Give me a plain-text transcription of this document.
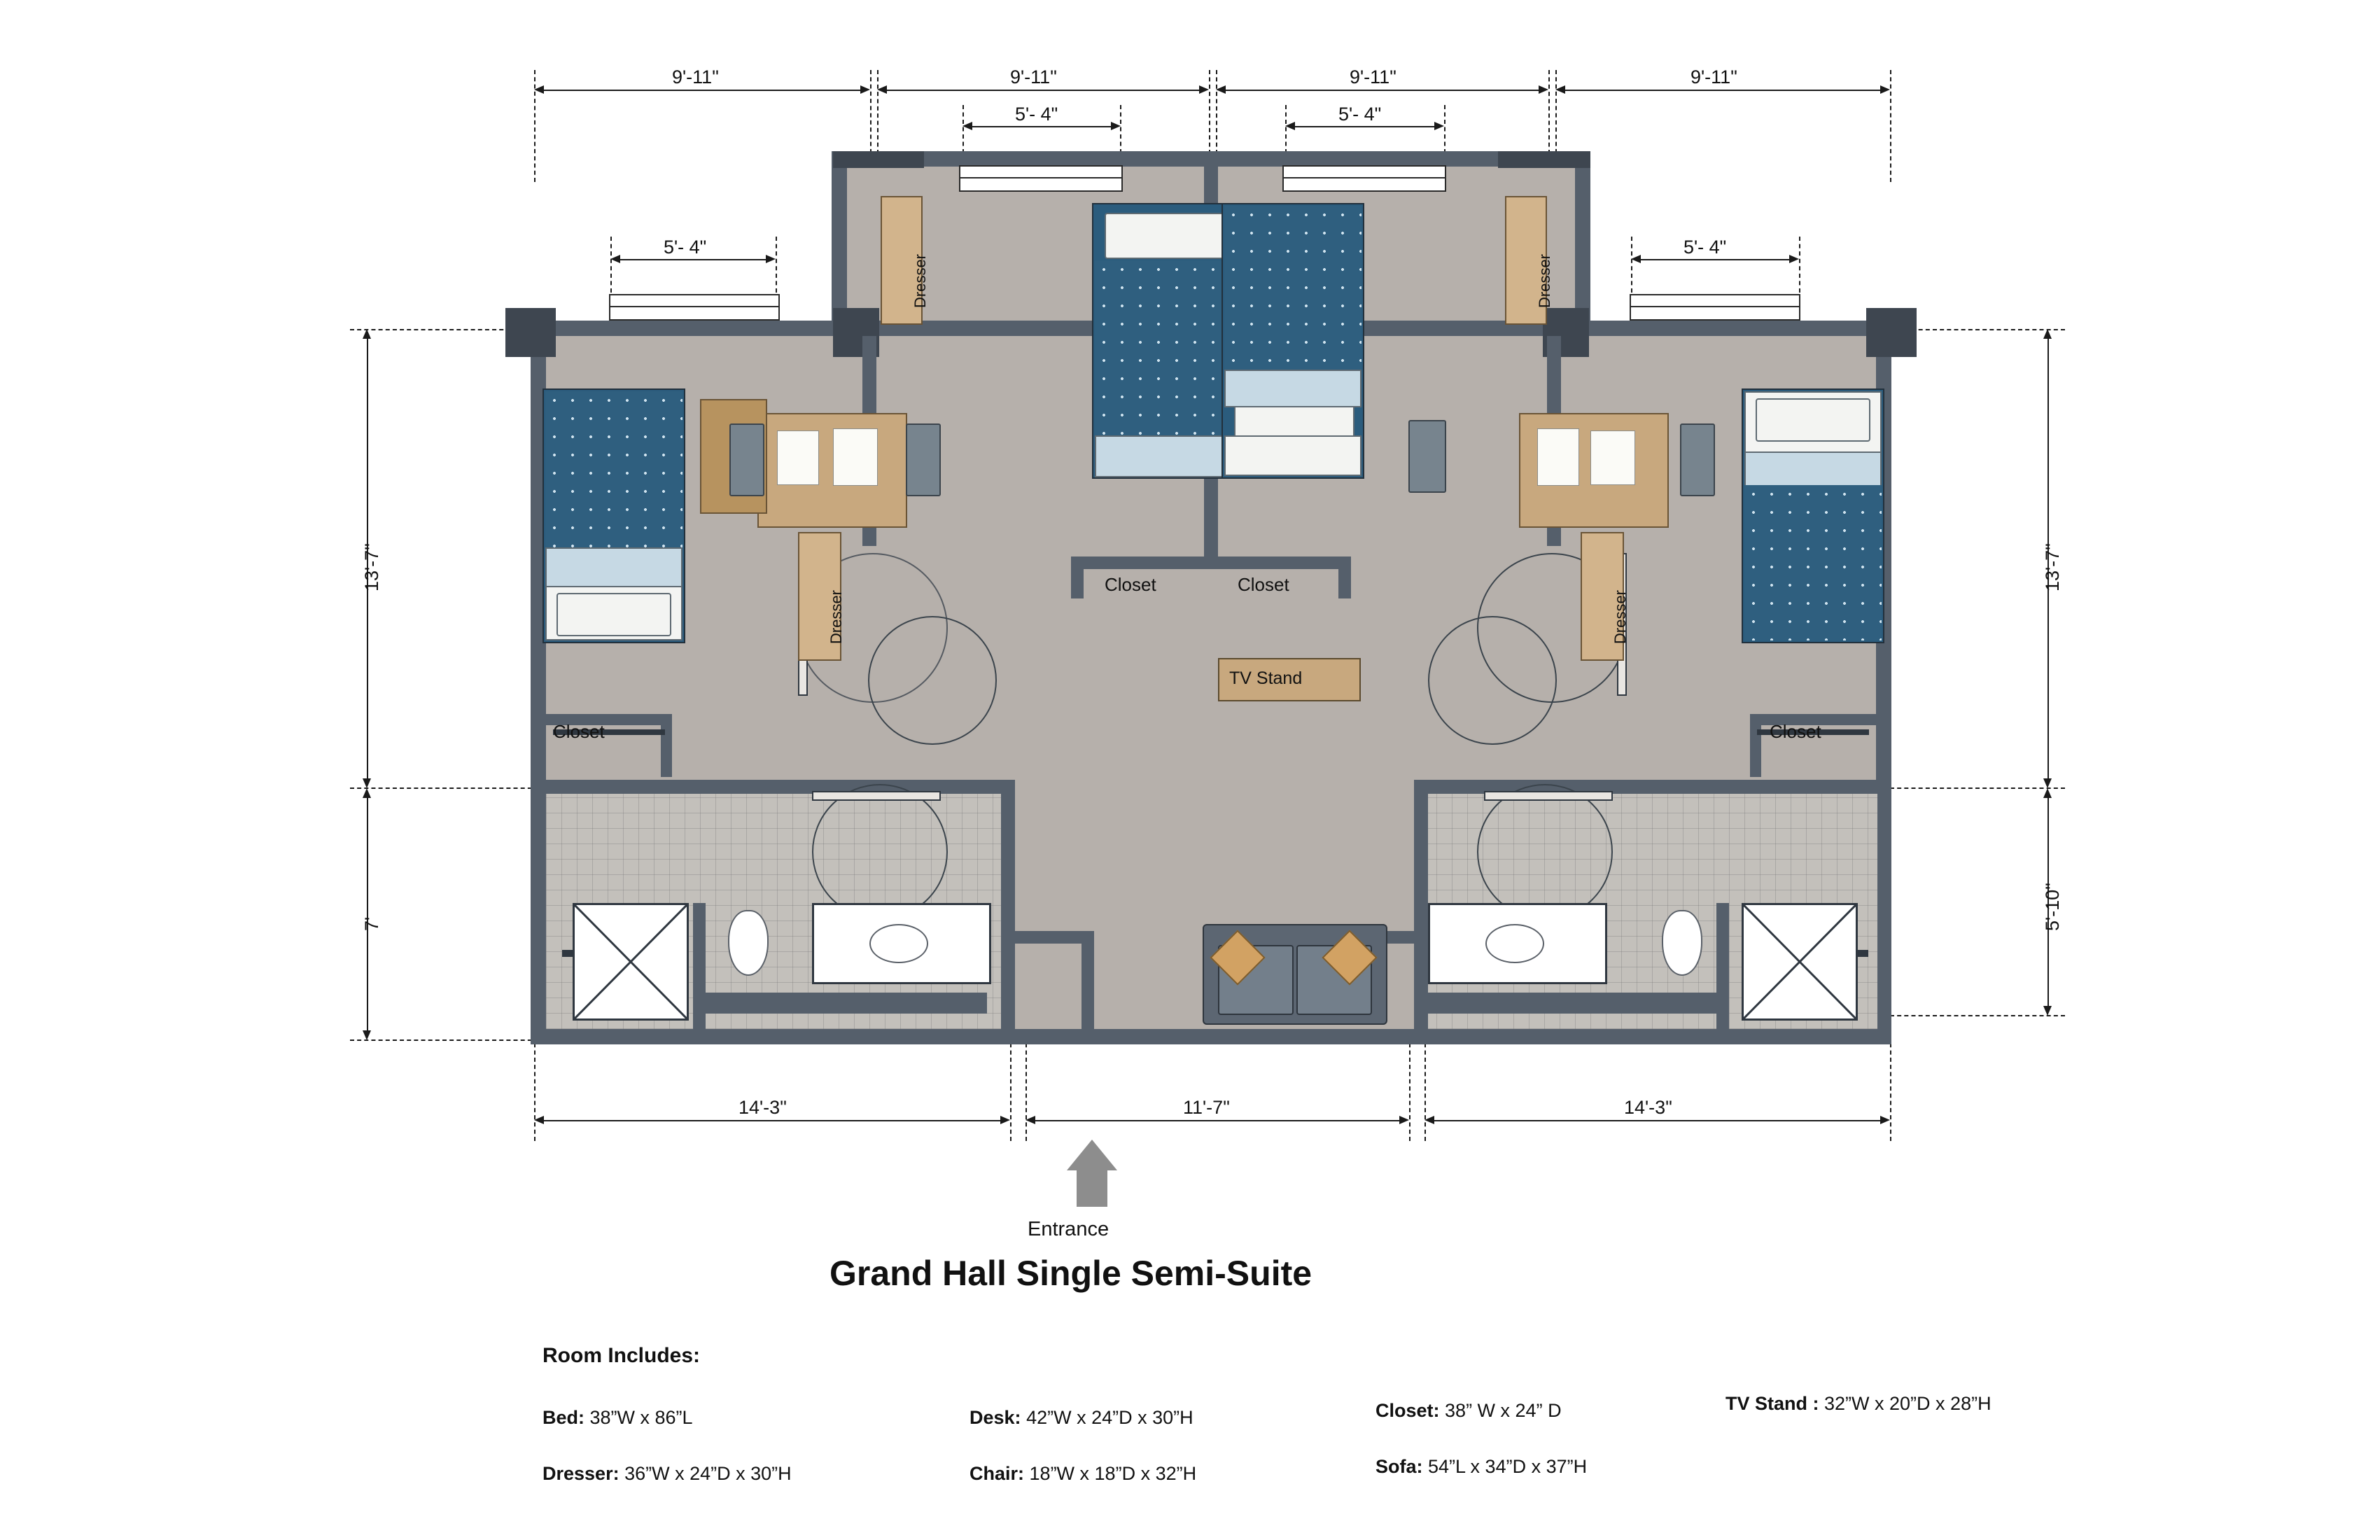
9'-11"	9'-11"	9'-11"	9'-11"
5'- 4"	5'- 4"
5'- 4"	5'- 4"
13'-7"
7'
13'-7"
5'-10"
14'-3"	11'-7"	14'-3"
Dresser
Closet
Dresser	Dresser
Dresser
Closet
Closet	Closet
TV Stand
Entrance
Grand Hall Single Semi-Suite
Room Includes:
Bed: 38”W x 86”L
Dresser: 36”W x 24”D x 30”H
Desk: 42”W x 24”D x 30”H
Chair: 18”W x 18”D x 32”H
Closet: 38” W x 24” D
Sofa: 54”L x 34”D x 37”H
TV Stand : 32”W x 20”D x 28”H
